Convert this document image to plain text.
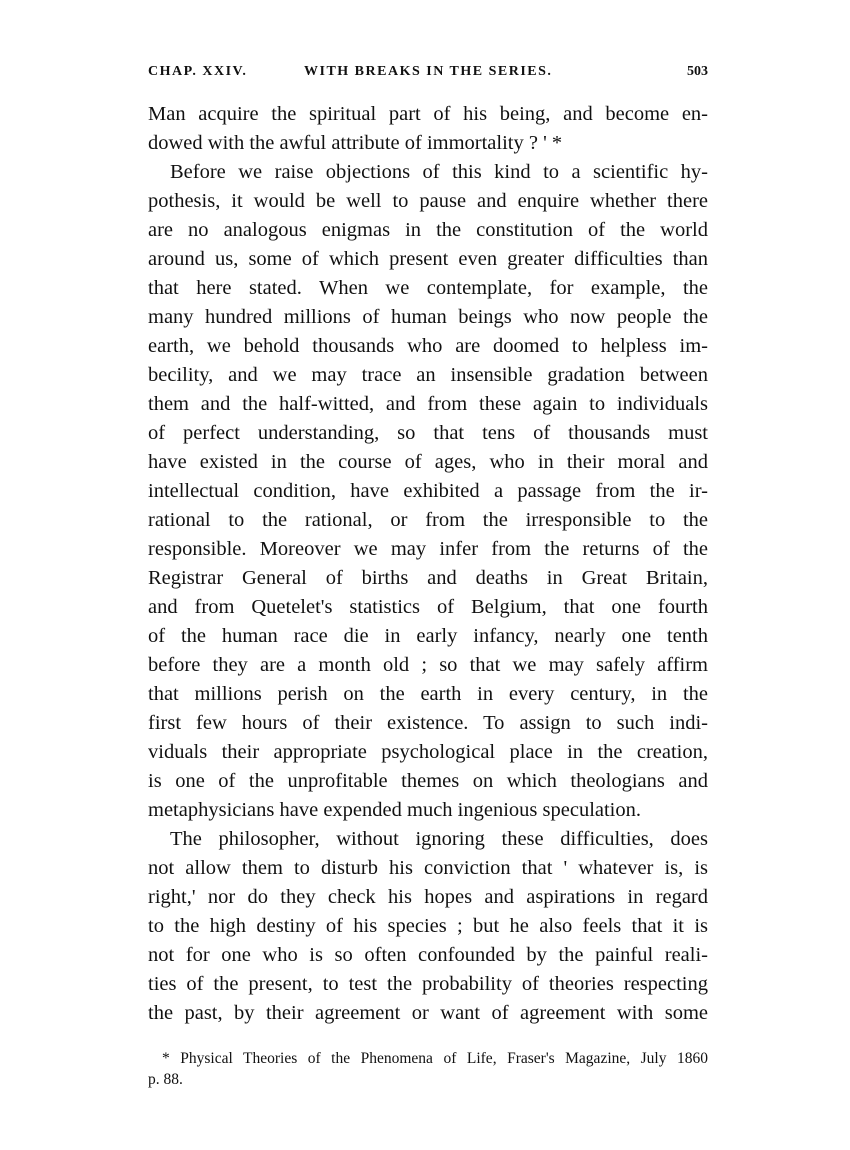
CHAP. XXIV.	WITH BREAKS IN THE SERIES.	503
Man acquire the spiritual part of his being, and become en-
dowed with the awful attribute of immortality ? ' *
Before we raise objections of this kind to a scientific hy-
pothesis, it would be well to pause and enquire whether there
are no analogous enigmas in the constitution of the world
around us, some of which present even greater difficulties than
that here stated. When we contemplate, for example, the
many hundred millions of human beings who now people the
earth, we behold thousands who are doomed to helpless im-
becility, and we may trace an insensible gradation between
them and the half-witted, and from these again to individuals
of perfect understanding, so that tens of thousands must
have existed in the course of ages, who in their moral and
intellectual condition, have exhibited a passage from the ir-
rational to the rational, or from the irresponsible to the
responsible. Moreover we may infer from the returns of the
Registrar General of births and deaths in Great Britain,
and from Quetelet's statistics of Belgium, that one fourth
of the human race die in early infancy, nearly one tenth
before they are a month old ; so that we may safely affirm
that millions perish on the earth in every century, in the
first few hours of their existence. To assign to such indi-
viduals their appropriate psychological place in the creation,
is one of the unprofitable themes on which theologians and
metaphysicians have expended much ingenious speculation.
The philosopher, without ignoring these difficulties, does
not allow them to disturb his conviction that ' whatever is, is
right,' nor do they check his hopes and aspirations in regard
to the high destiny of his species ; but he also feels that it is
not for one who is so often confounded by the painful reali-
ties of the present, to test the probability of theories respecting
the past, by their agreement or want of agreement with some
* Physical Theories of the Phenomena of Life, Fraser's Magazine, July 1860
p. 88.
